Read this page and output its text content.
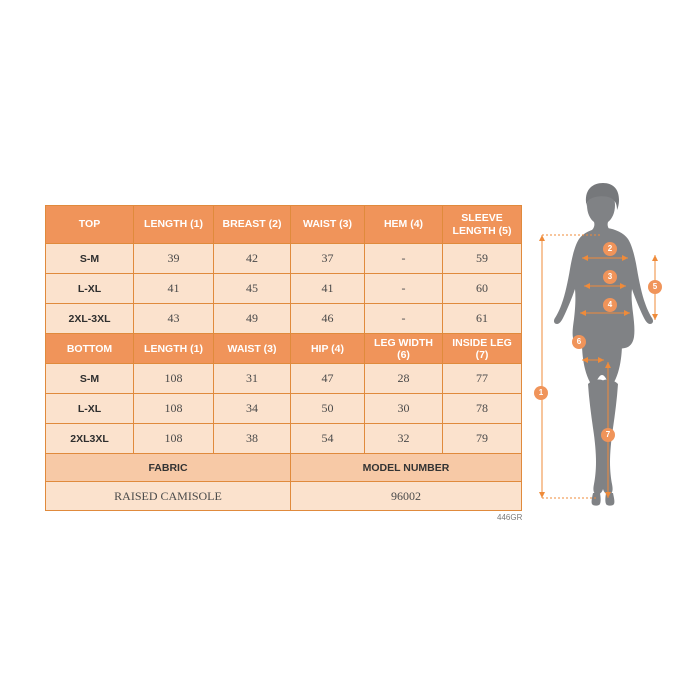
TOP	LENGTH (1)	BREAST (2)	WAIST (3)	HEM (4)	SLEEVE LENGTH (5)
S-M	39	42	37	-	59
L-XL	41	45	41	-	60
2XL-3XL	43	49	46	-	61
BOTTOM	LENGTH (1)	WAIST (3)	HIP (4)	LEG WIDTH (6)	INSIDE LEG (7)
S-M	108	31	47	28	77
L-XL	108	34	50	30	78
2XL3XL	108	38	54	32	79
FABRIC			MODEL NUMBER		
RAISED CAMISOLE			96002		
446GR
1
2
3
4
5
6
7
